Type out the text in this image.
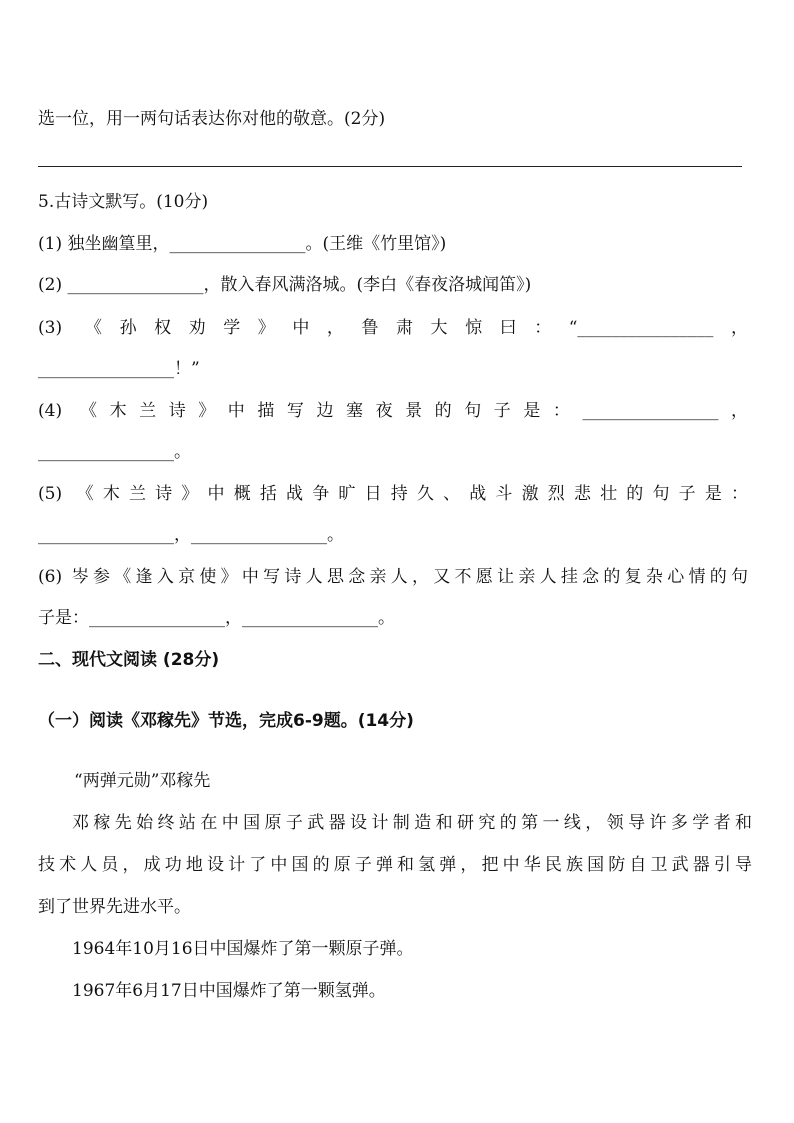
选一位，用一两句话表达你对他的敬意。(2分)
5.古诗文默写。(10分)
(1) 独坐幽篁里，________________。(王维《竹里馆》)
(2) ________________，散入春风满洛城。(李白《春夜洛城闻笛》)
(3) 《孙权劝学》中，鲁肃大惊曰：“________________，
________________！”
(4) 《木兰诗》中描写边塞夜景的句子是：________________，
________________。
(5) 《木兰诗》中概括战争旷日持久、战斗激烈悲壮的句子是：
________________，________________。
(6) 岑参《逢入京使》中写诗人思念亲人，又不愿让亲人挂念的复杂心情的句
子是：________________，________________。
二、现代文阅读 (28分)
（一）阅读《邓稼先》节选，完成6-9题。(14分)
“两弹元勋”邓稼先
邓稼先始终站在中国原子武器设计制造和研究的第一线，领导许多学者和
技术人员，成功地设计了中国的原子弹和氢弹，把中华民族国防自卫武器引导
到了世界先进水平。
1964年10月16日中国爆炸了第一颗原子弹。
1967年6月17日中国爆炸了第一颗氢弹。
